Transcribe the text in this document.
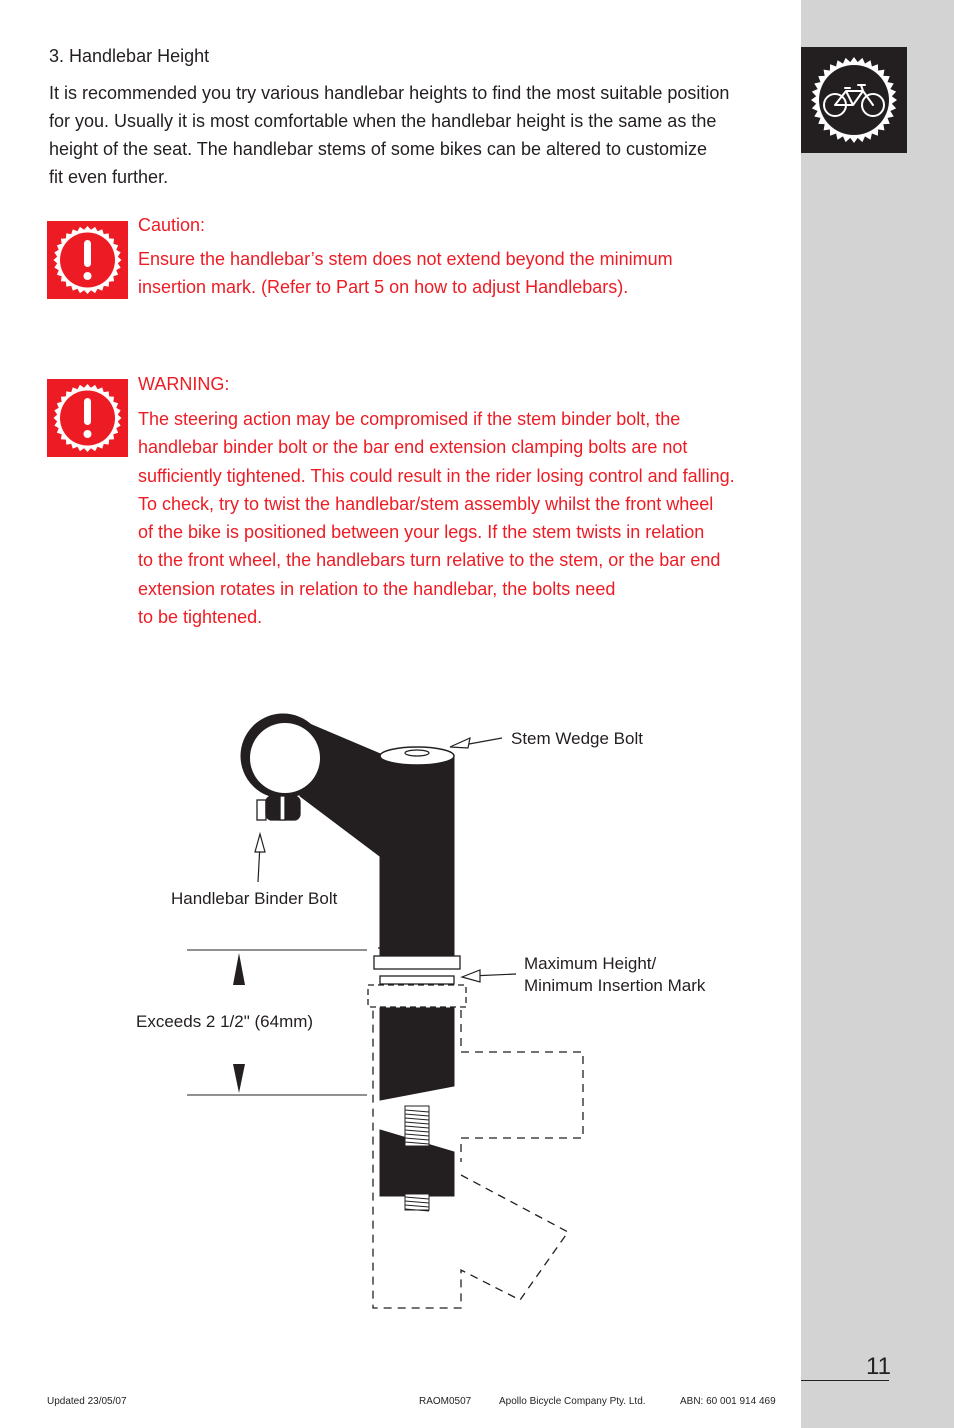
3. Handlebar Height

It is recommended you try various handlebar heights to find the most suitable position
for you. Usually it is most comfortable when the handlebar height is the same as the
height of the seat. The handlebar stems of some bikes can be altered to customize
fit even further.

Caution:

Ensure the handlebar’s stem does not extend beyond the minimum
insertion mark. (Refer to Part 5 on how to adjust Handlebars).

WARNING:

The steering action may be compromised if the stem binder bolt, the
handlebar binder bolt or the bar end extension clamping bolts are not
sufficiently tightened. This could result in the rider losing control and falling.
To check, try to twist the handlebar/stem assembly whilst the front wheel
of the bike is positioned between your legs. If the stem twists in relation
to the front wheel, the handlebars turn relative to the stem, or the bar end
extension rotates in relation to the handlebar, the bolts need
to be tightened.

Stem Wedge Bolt
Handlebar Binder Bolt
Maximum Height/
Minimum Insertion Mark
Exceeds 2 1/2" (64mm)
11
Updated 23/05/07	RAOM0507	Apollo Bicycle Company Pty. Ltd.	ABN: 60 001 914 469
